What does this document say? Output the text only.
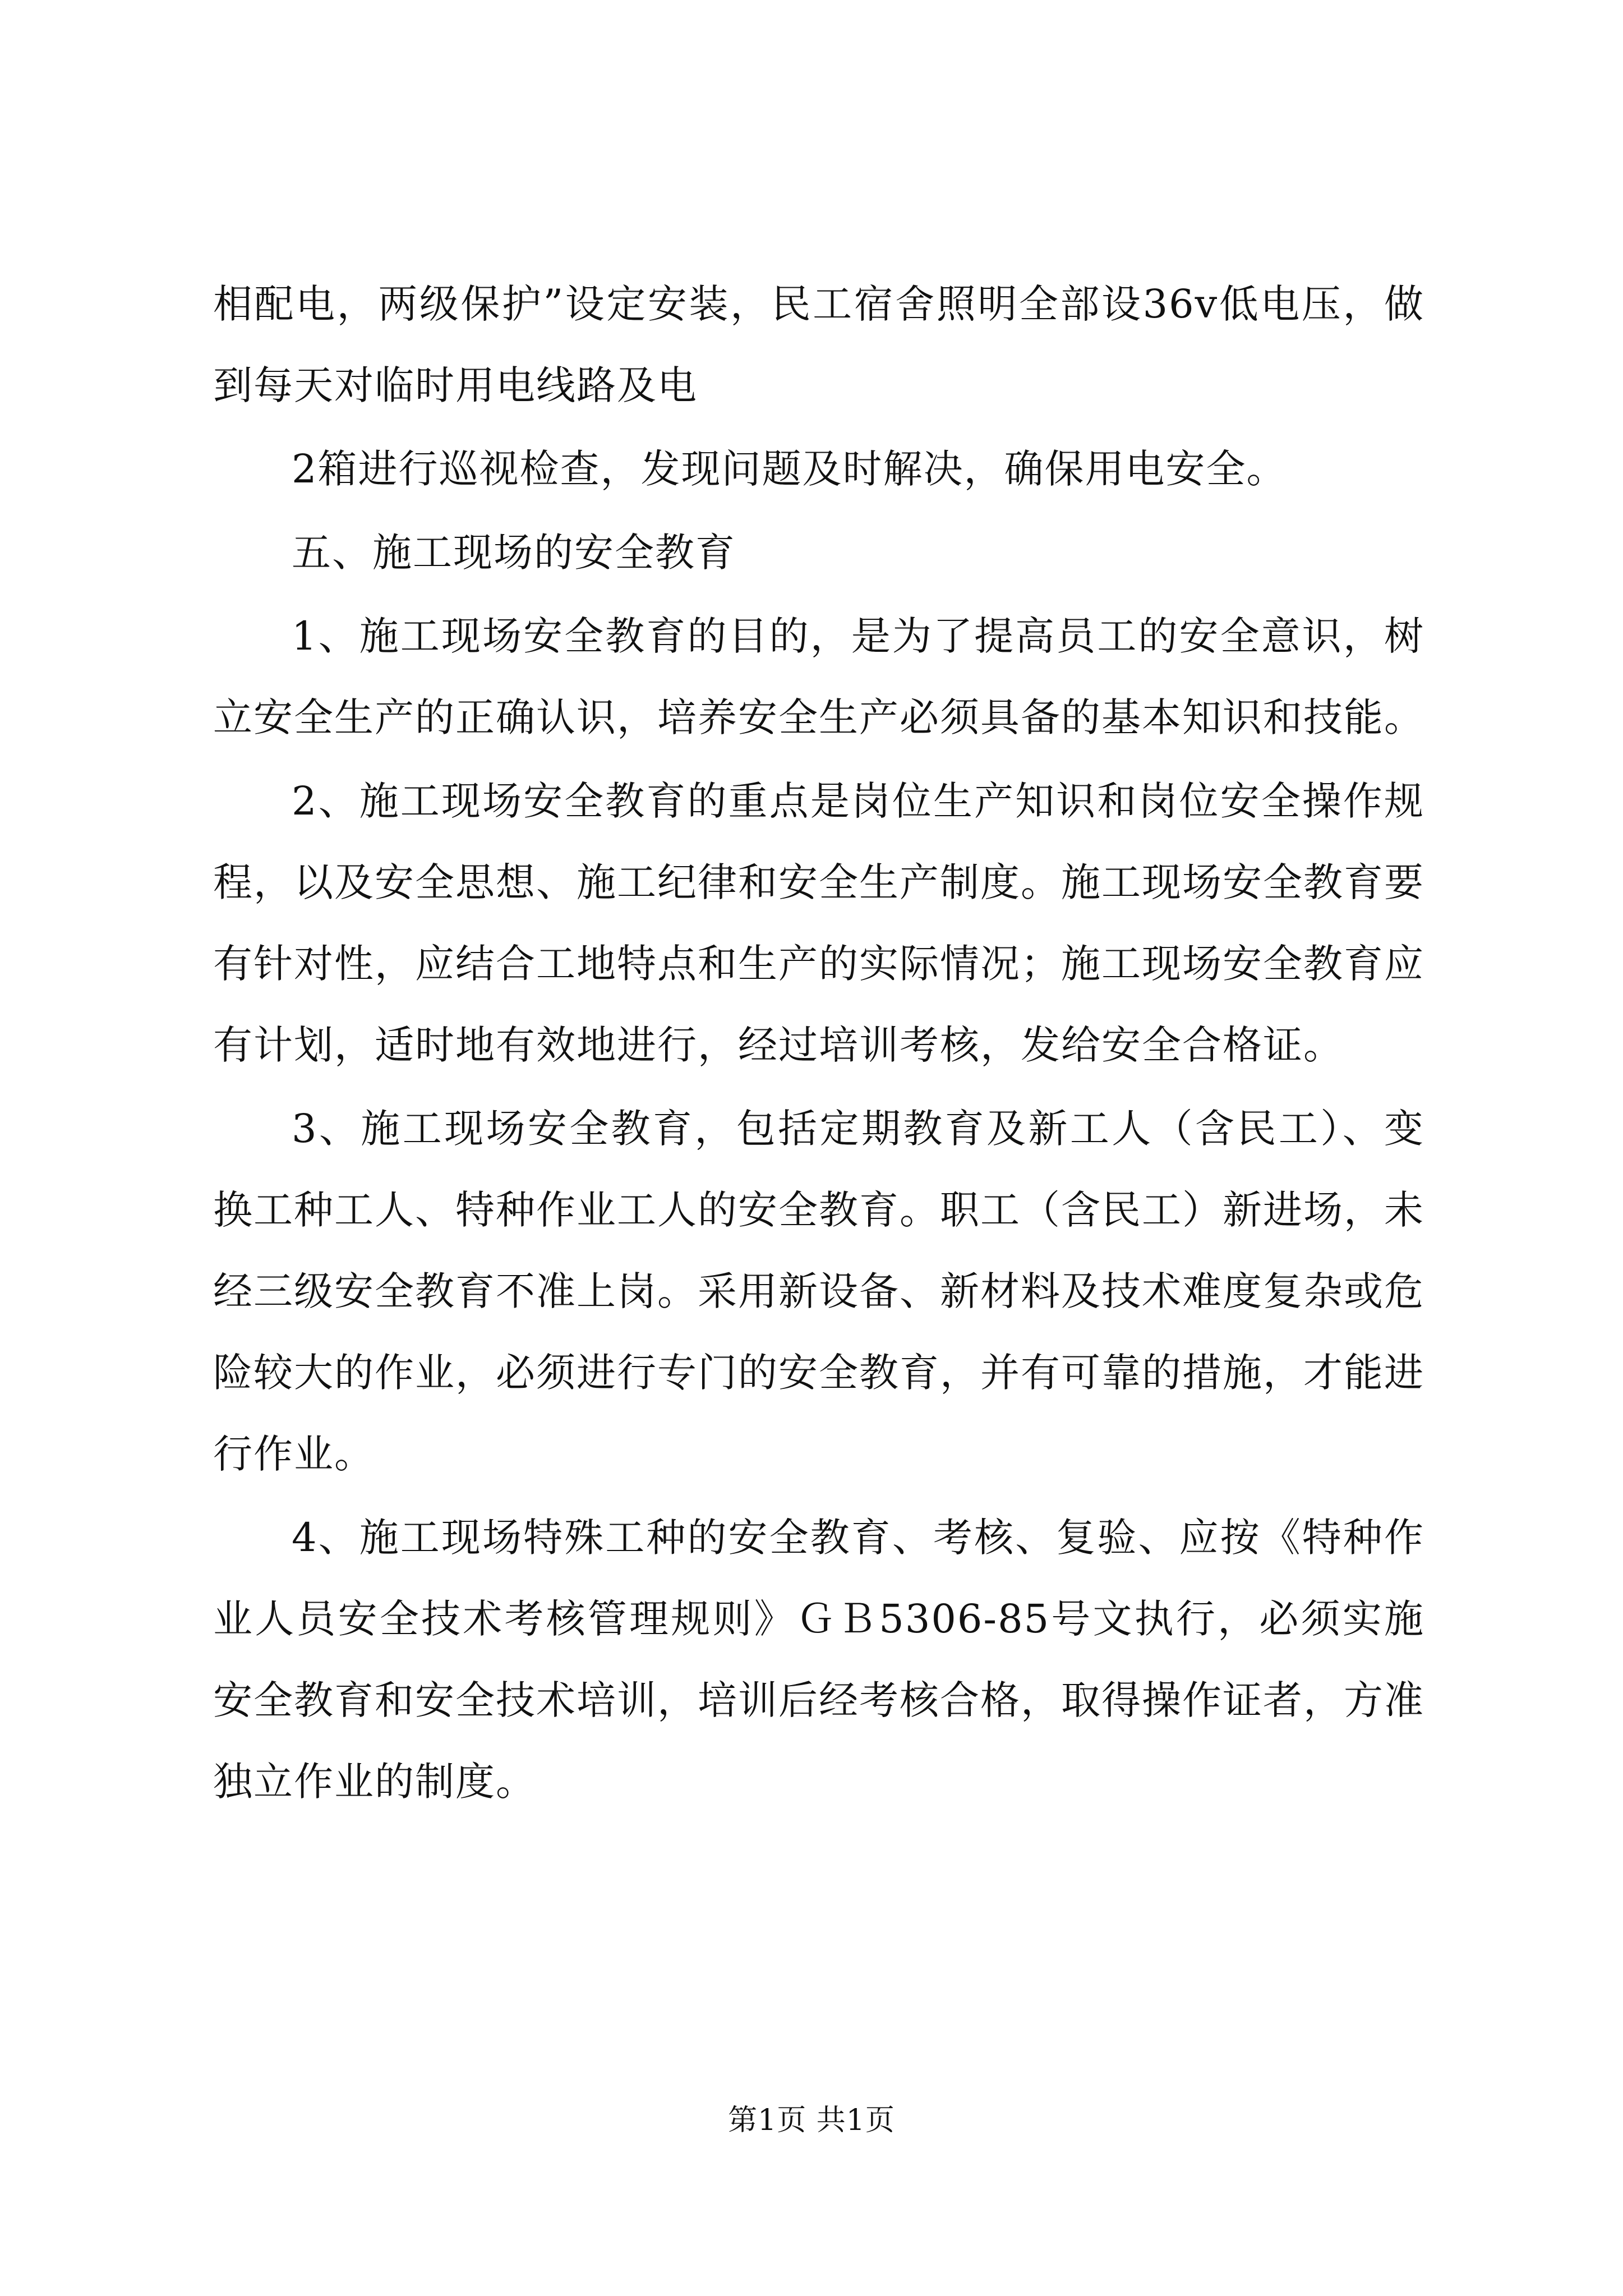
相配电，两级保护”设定安装，民工宿舍照明全部设36v低电压，做到每天对临时用电线路及电

2箱进行巡视检查，发现问题及时解决，确保用电安全。

五、施工现场的安全教育

1、施工现场安全教育的目的，是为了提高员工的安全意识，树立安全生产的正确认识，培养安全生产必须具备的基本知识和技能。

2、施工现场安全教育的重点是岗位生产知识和岗位安全操作规程，以及安全思想、施工纪律和安全生产制度。施工现场安全教育要有针对性，应结合工地特点和生产的实际情况；施工现场安全教育应有计划，适时地有效地进行，经过培训考核，发给安全合格证。

3、施工现场安全教育，包括定期教育及新工人（含民工）、变换工种工人、特种作业工人的安全教育。职工（含民工）新进场，未经三级安全教育不准上岗。采用新设备、新材料及技术难度复杂或危险较大的作业，必须进行专门的安全教育，并有可靠的措施，才能进行作业。

4、施工现场特殊工种的安全教育、考核、复验、应按《特种作业人员安全技术考核管理规则》ＧＢ5306-85号文执行，必须实施安全教育和安全技术培训，培训后经考核合格，取得操作证者，方准独立作业的制度。

第1页 共1页
